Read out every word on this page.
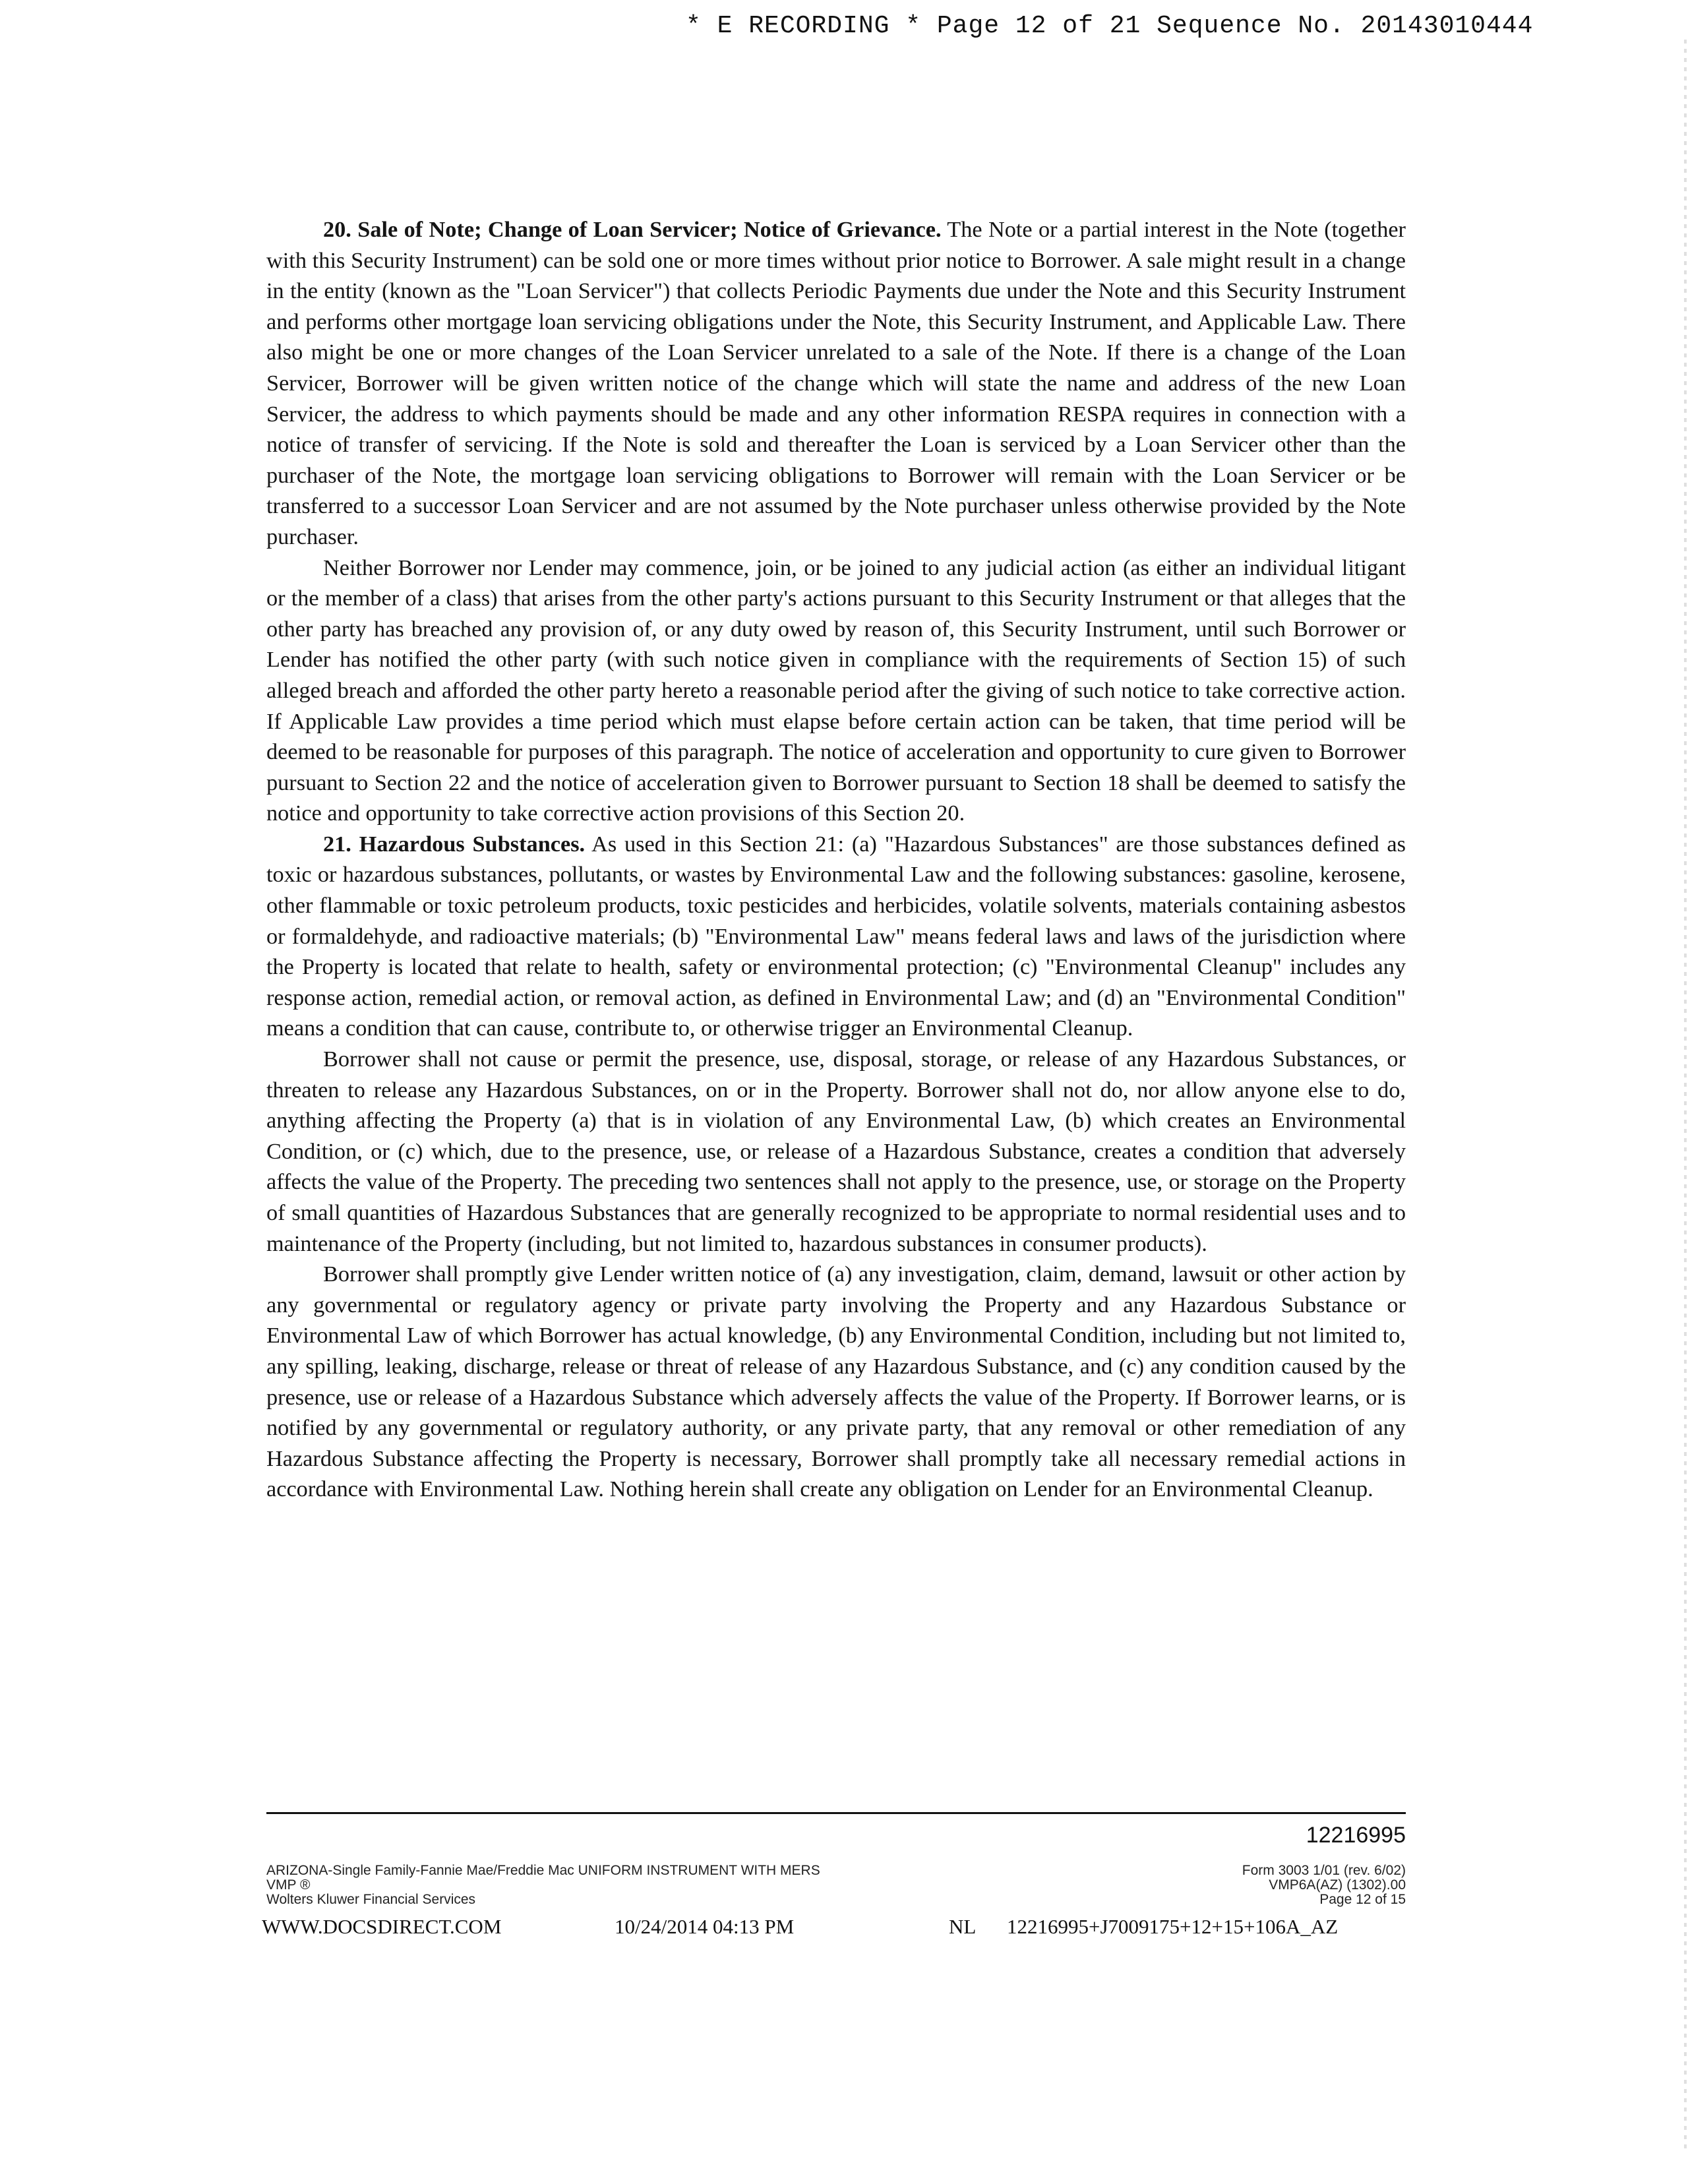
* E RECORDING * Page 12 of 21 Sequence No. 20143010444

20. Sale of Note; Change of Loan Servicer; Notice of Grievance. The Note or a partial interest in the Note (together with this Security Instrument) can be sold one or more times without prior notice to Borrower. A sale might result in a change in the entity (known as the "Loan Servicer") that collects Periodic Payments due under the Note and this Security Instrument and performs other mortgage loan servicing obligations under the Note, this Security Instrument, and Applicable Law. There also might be one or more changes of the Loan Servicer unrelated to a sale of the Note. If there is a change of the Loan Servicer, Borrower will be given written notice of the change which will state the name and address of the new Loan Servicer, the address to which payments should be made and any other information RESPA requires in connection with a notice of transfer of servicing. If the Note is sold and thereafter the Loan is serviced by a Loan Servicer other than the purchaser of the Note, the mortgage loan servicing obligations to Borrower will remain with the Loan Servicer or be transferred to a successor Loan Servicer and are not assumed by the Note purchaser unless otherwise provided by the Note purchaser.

Neither Borrower nor Lender may commence, join, or be joined to any judicial action (as either an individual litigant or the member of a class) that arises from the other party's actions pursuant to this Security Instrument or that alleges that the other party has breached any provision of, or any duty owed by reason of, this Security Instrument, until such Borrower or Lender has notified the other party (with such notice given in compliance with the requirements of Section 15) of such alleged breach and afforded the other party hereto a reasonable period after the giving of such notice to take corrective action. If Applicable Law provides a time period which must elapse before certain action can be taken, that time period will be deemed to be reasonable for purposes of this paragraph. The notice of acceleration and opportunity to cure given to Borrower pursuant to Section 22 and the notice of acceleration given to Borrower pursuant to Section 18 shall be deemed to satisfy the notice and opportunity to take corrective action provisions of this Section 20.

21. Hazardous Substances. As used in this Section 21: (a) "Hazardous Substances" are those substances defined as toxic or hazardous substances, pollutants, or wastes by Environmental Law and the following substances: gasoline, kerosene, other flammable or toxic petroleum products, toxic pesticides and herbicides, volatile solvents, materials containing asbestos or formaldehyde, and radioactive materials; (b) "Environmental Law" means federal laws and laws of the jurisdiction where the Property is located that relate to health, safety or environmental protection; (c) "Environmental Cleanup" includes any response action, remedial action, or removal action, as defined in Environmental Law; and (d) an "Environmental Condition" means a condition that can cause, contribute to, or otherwise trigger an Environmental Cleanup.

Borrower shall not cause or permit the presence, use, disposal, storage, or release of any Hazardous Substances, or threaten to release any Hazardous Substances, on or in the Property. Borrower shall not do, nor allow anyone else to do, anything affecting the Property (a) that is in violation of any Environmental Law, (b) which creates an Environmental Condition, or (c) which, due to the presence, use, or release of a Hazardous Substance, creates a condition that adversely affects the value of the Property. The preceding two sentences shall not apply to the presence, use, or storage on the Property of small quantities of Hazardous Substances that are generally recognized to be appropriate to normal residential uses and to maintenance of the Property (including, but not limited to, hazardous substances in consumer products).

Borrower shall promptly give Lender written notice of (a) any investigation, claim, demand, lawsuit or other action by any governmental or regulatory agency or private party involving the Property and any Hazardous Substance or Environmental Law of which Borrower has actual knowledge, (b) any Environmental Condition, including but not limited to, any spilling, leaking, discharge, release or threat of release of any Hazardous Substance, and (c) any condition caused by the presence, use or release of a Hazardous Substance which adversely affects the value of the Property. If Borrower learns, or is notified by any governmental or regulatory authority, or any private party, that any removal or other remediation of any Hazardous Substance affecting the Property is necessary, Borrower shall promptly take all necessary remedial actions in accordance with Environmental Law. Nothing herein shall create any obligation on Lender for an Environmental Cleanup.

12216995
ARIZONA-Single Family-Fannie Mae/Freddie Mac UNIFORM INSTRUMENT WITH MERS
VMP ®
Wolters Kluwer Financial Services
Form 3003 1/01 (rev. 6/02)
VMP6A(AZ) (1302).00
Page 12 of 15
WWW.DOCSDIRECT.COM	10/24/2014 04:13 PM	NL 12216995+J7009175+12+15+106A_AZ
